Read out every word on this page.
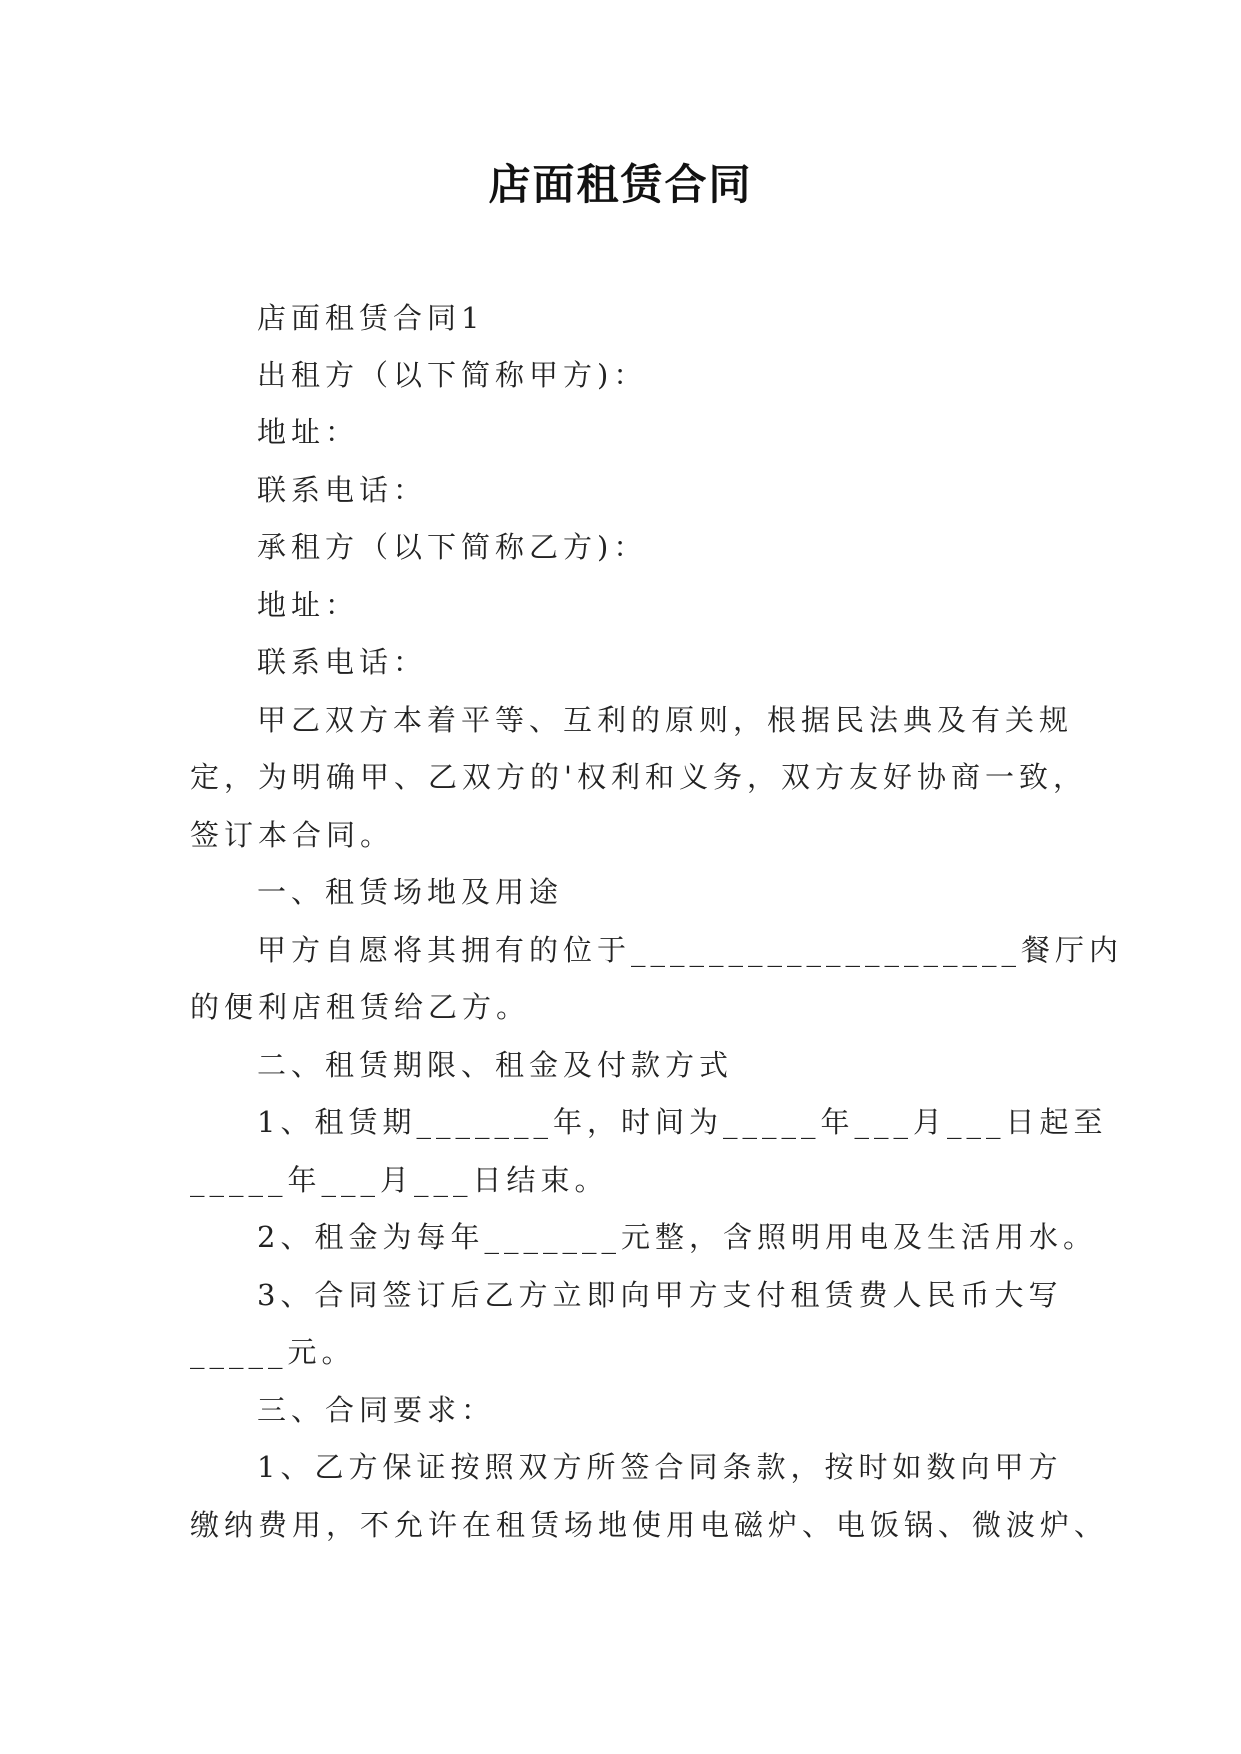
店面租赁合同

店面租赁合同1

出租方（以下简称甲方)：

地址：

联系电话：

承租方（以下简称乙方)：

地址：

联系电话：

甲乙双方本着平等、互利的原则，根据民法典及有关规

定，为明确甲、乙双方的'权利和义务，双方友好协商一致，

签订本合同。

一、租赁场地及用途

甲方自愿将其拥有的位于____________________餐厅内

的便利店租赁给乙方。

二、租赁期限、租金及付款方式

1、租赁期_______年，时间为_____年___月___日起至

_____年___月___日结束。

2、租金为每年_______元整，含照明用电及生活用水。

3、合同签订后乙方立即向甲方支付租赁费人民币大写

_____元。

三、合同要求：

1、乙方保证按照双方所签合同条款，按时如数向甲方

缴纳费用，不允许在租赁场地使用电磁炉、电饭锅、微波炉、
